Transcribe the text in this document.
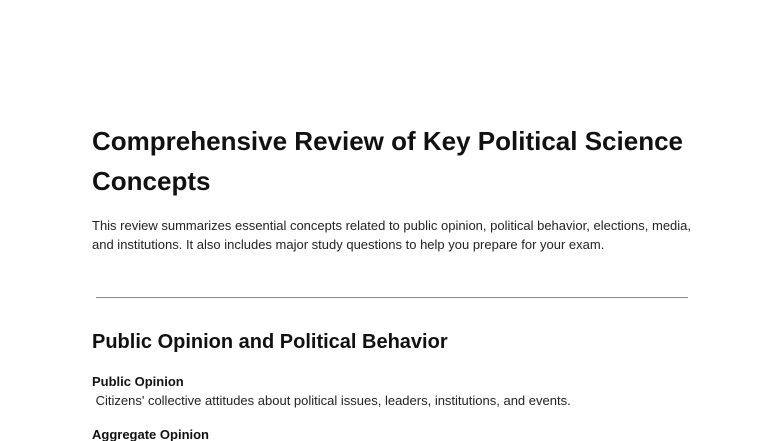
Comprehensive Review of Key Political Science Concepts

This review summarizes essential concepts related to public opinion, political behavior, elections, media, and institutions. It also includes major study questions to help you prepare for your exam.

Public Opinion and Political Behavior
Public Opinion
Citizens' collective attitudes about political issues, leaders, institutions, and events.
Aggregate Opinion
